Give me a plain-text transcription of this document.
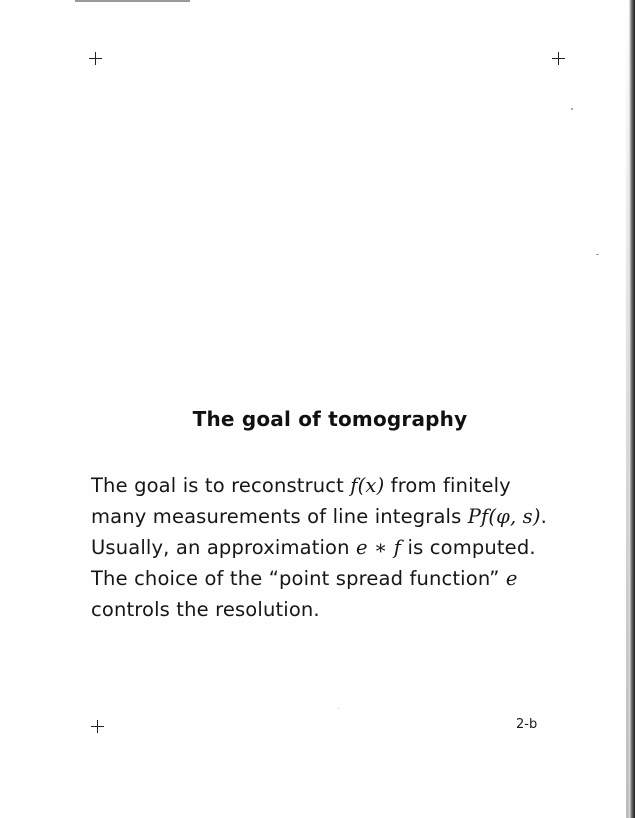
The goal of tomography
The goal is to reconstruct f(x) from finitely
many measurements of line integrals Pf(φ, s).
Usually, an approximation e ∗ f is computed.
The choice of the “point spread function” e
controls the resolution.
2-b
